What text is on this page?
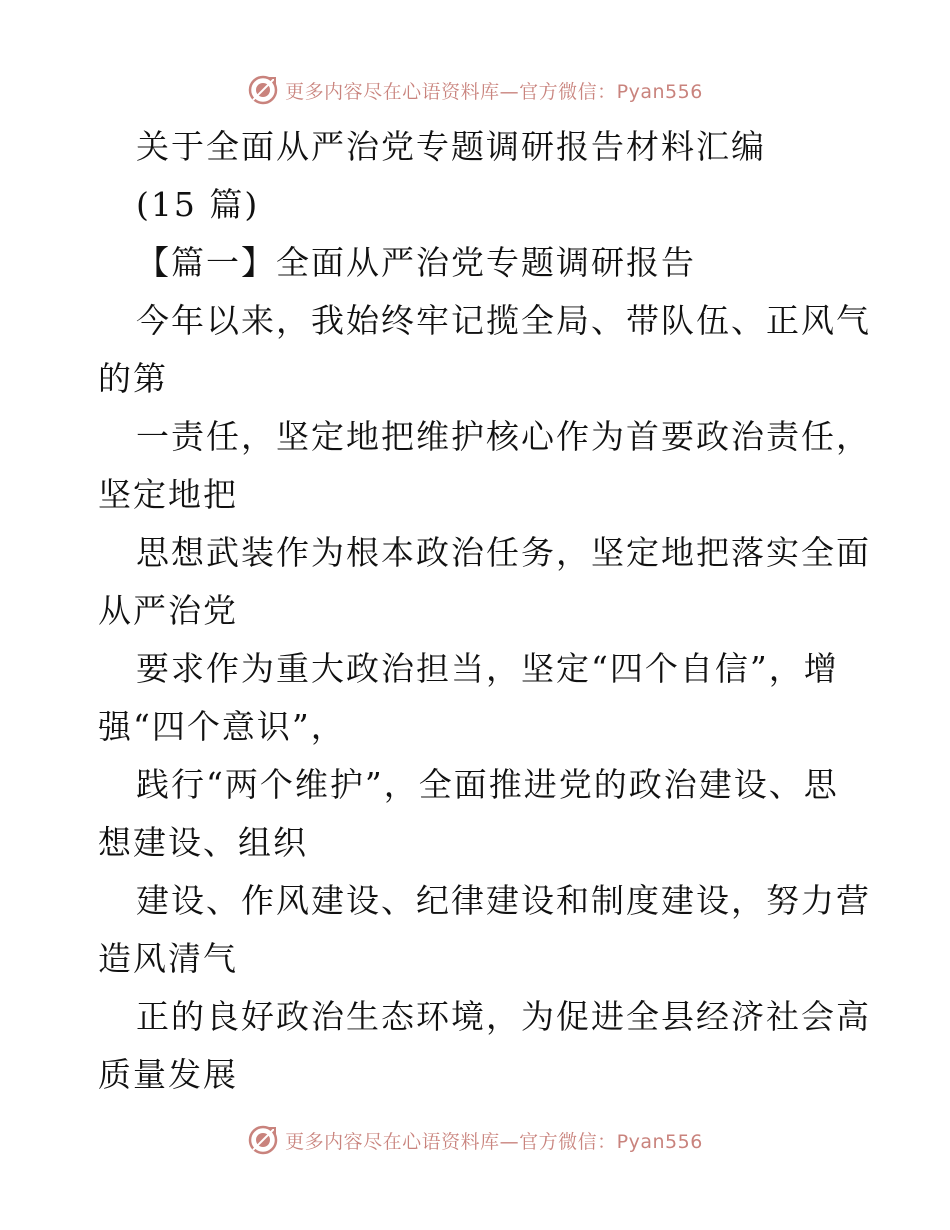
更多内容尽在心语资料库—官方微信：Pyan556
关于全面从严治党专题调研报告材料汇编
(15 篇)
【篇一】全面从严治党专题调研报告
今年以来，我始终牢记揽全局、带队伍、正风气
的第
一责任，坚定地把维护核心作为首要政治责任，
坚定地把
思想武装作为根本政治任务，坚定地把落实全面
从严治党
要求作为重大政治担当，坚定“四个自信”，增
强“四个意识”，
践行“两个维护”，全面推进党的政治建设、思
想建设、组织
建设、作风建设、纪律建设和制度建设，努力营
造风清气
正的良好政治生态环境，为促进全县经济社会高
质量发展
更多内容尽在心语资料库—官方微信：Pyan556
